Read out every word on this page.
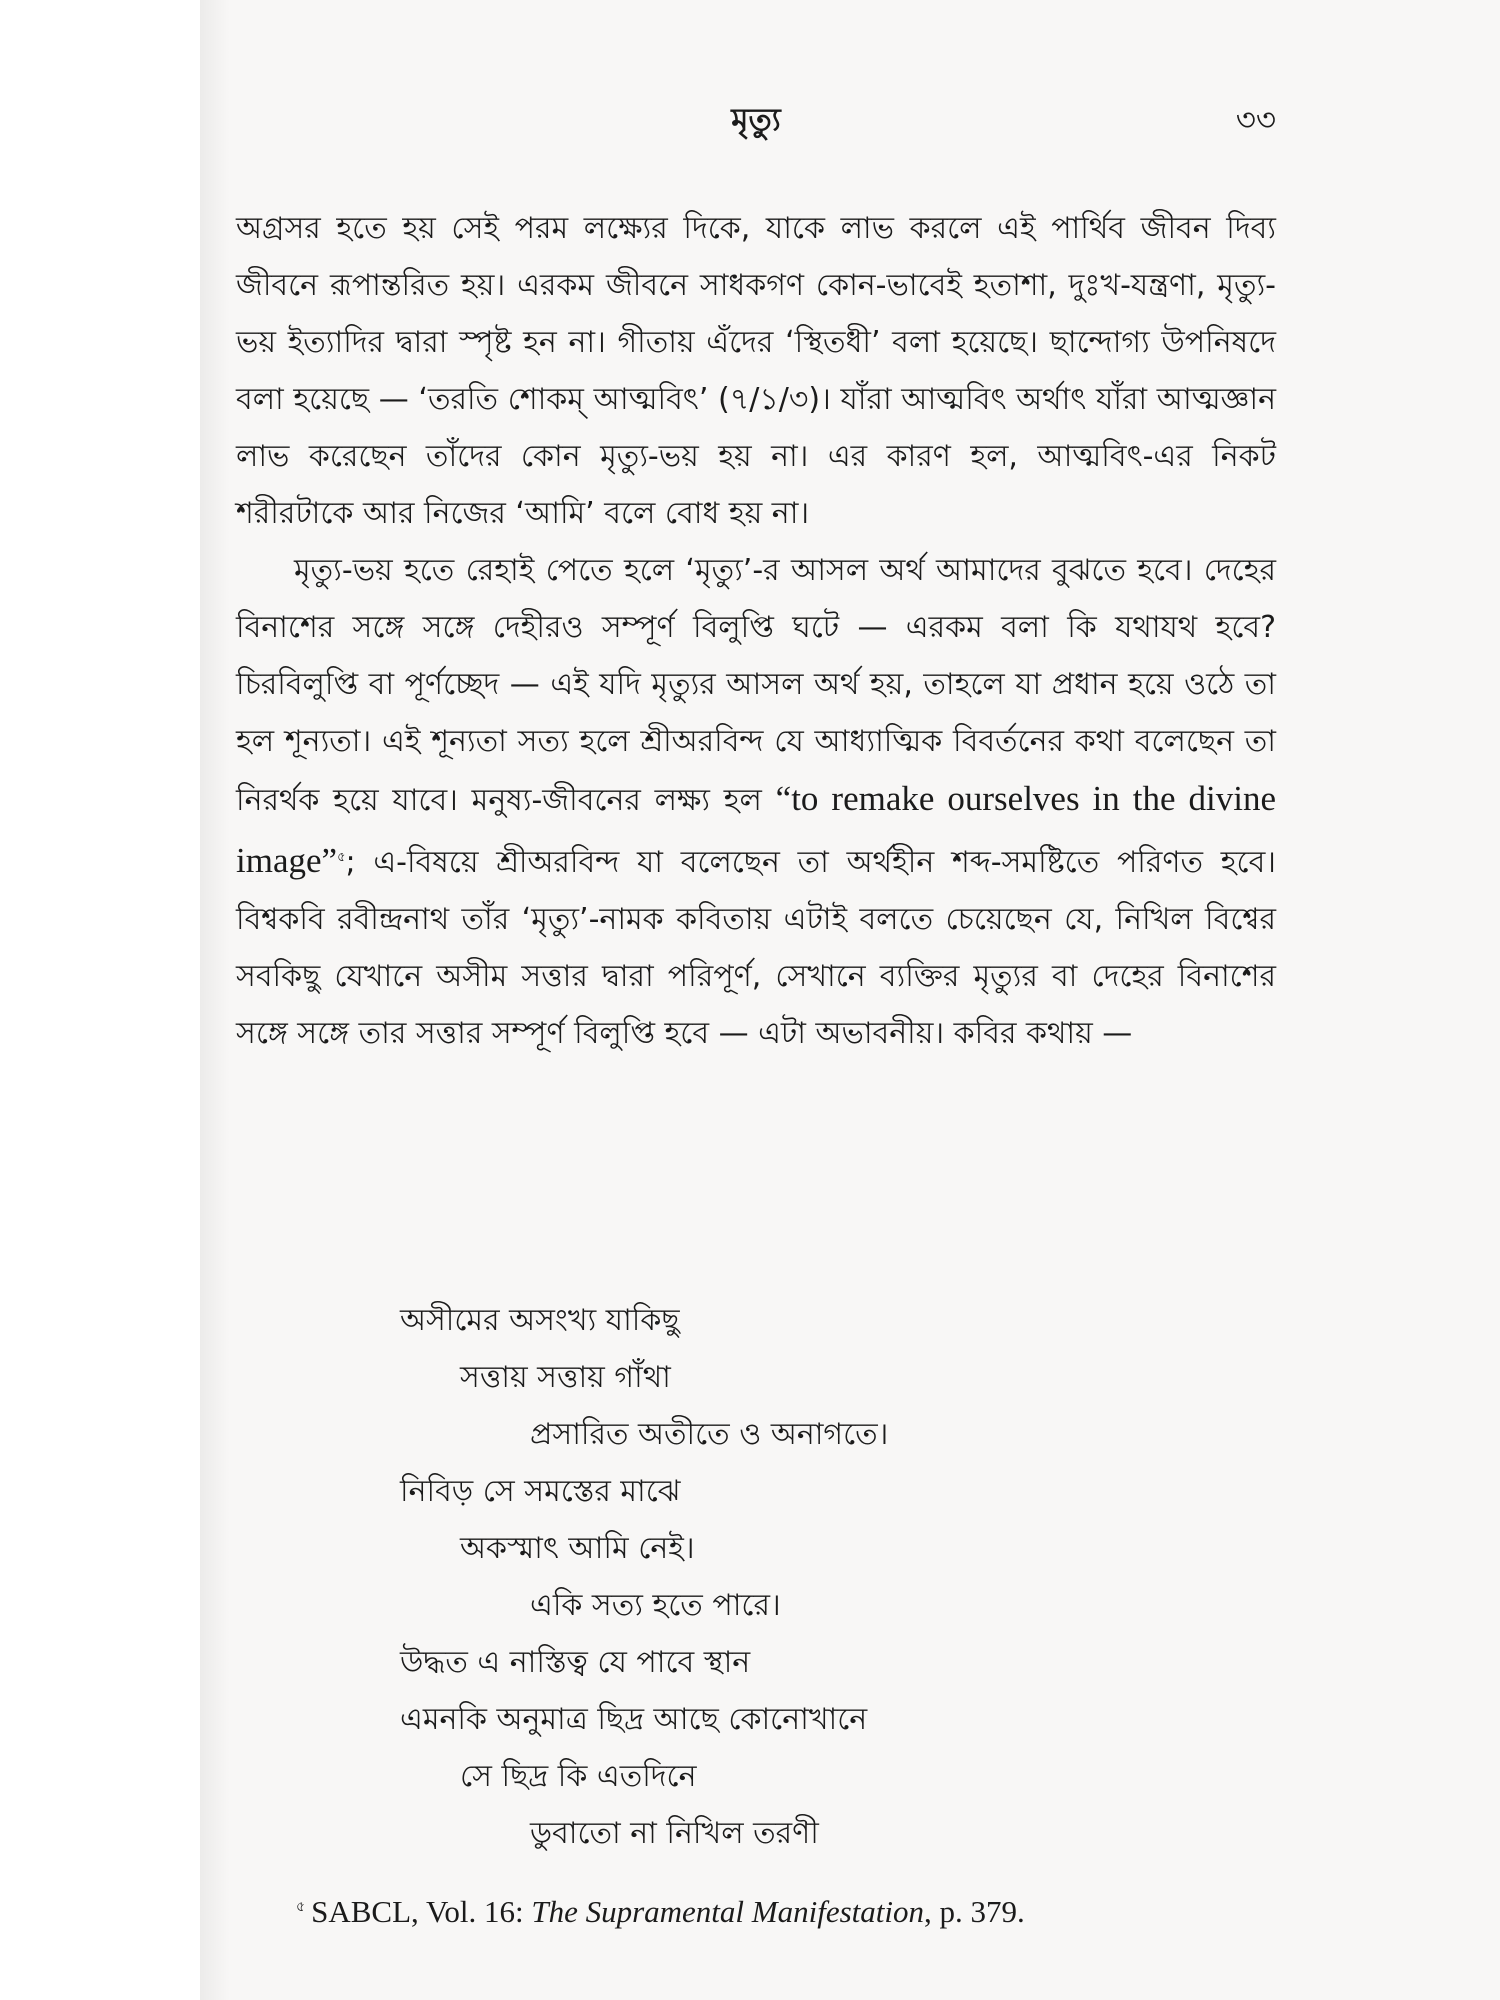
মৃত্যু	৩৩

অগ্রসর হতে হয় সেই পরম লক্ষ্যের দিকে, যাকে লাভ করলে এই পার্থিব জীবন দিব্য জীবনে রূপান্তরিত হয়। এরকম জীবনে সাধকগণ কোন-ভাবেই হতাশা, দুঃখ-যন্ত্রণা, মৃত্যু-ভয় ইত্যাদির দ্বারা স্পৃষ্ট হন না। গীতায় এঁদের ‘স্থিতধী’ বলা হয়েছে। ছান্দোগ্য উপনিষদে বলা হয়েছে — ‘তরতি শোকম্ আত্মবিৎ’ (৭/১/৩)। যাঁরা আত্মবিৎ অর্থাৎ যাঁরা আত্মজ্ঞান লাভ করেছেন তাঁদের কোন মৃত্যু-ভয় হয় না। এর কারণ হল, আত্মবিৎ-এর নিকট শরীরটাকে আর নিজের ‘আমি’ বলে বোধ হয় না।

মৃত্যু-ভয় হতে রেহাই পেতে হলে ‘মৃত্যু’-র আসল অর্থ আমাদের বুঝতে হবে। দেহের বিনাশের সঙ্গে সঙ্গে দেহীরও সম্পূর্ণ বিলুপ্তি ঘটে — এরকম বলা কি যথাযথ হবে? চিরবিলুপ্তি বা পূর্ণচ্ছেদ — এই যদি মৃত্যুর আসল অর্থ হয়, তাহলে যা প্রধান হয়ে ওঠে তা হল শূন্যতা। এই শূন্যতা সত্য হলে শ্রীঅরবিন্দ যে আধ্যাত্মিক বিবর্তনের কথা বলেছেন তা নিরর্থক হয়ে যাবে। মনুষ্য-জীবনের লক্ষ্য হল “to remake ourselves in the divine image”$^৫$; এ-বিষয়ে শ্রীঅরবিন্দ যা বলেছেন তা অর্থহীন শব্দ-সমষ্টিতে পরিণত হবে। বিশ্বকবি রবীন্দ্রনাথ তাঁর ‘মৃত্যু’-নামক কবিতায় এটাই বলতে চেয়েছেন যে, নিখিল বিশ্বের সবকিছু যেখানে অসীম সত্তার দ্বারা পরিপূর্ণ, সেখানে ব্যক্তির মৃত্যুর বা দেহের বিনাশের সঙ্গে সঙ্গে তার সত্তার সম্পূর্ণ বিলুপ্তি হবে — এটা অভাবনীয়। কবির কথায় —

অসীমের অসংখ্য যাকিছু
সত্তায় সত্তায় গাঁথা
প্রসারিত অতীতে ও অনাগতে।
নিবিড় সে সমস্তের মাঝে
অকস্মাৎ আমি নেই।
একি সত্য হতে পারে।
উদ্ধত এ নাস্তিত্ব যে পাবে স্থান
এমনকি অনুমাত্র ছিদ্র আছে কোনোখানে
সে ছিদ্র কি এতদিনে
ডুবাতো না নিখিল তরণী
$^৫$ SABCL, Vol. 16: The Supramental Manifestation, p. 379.
